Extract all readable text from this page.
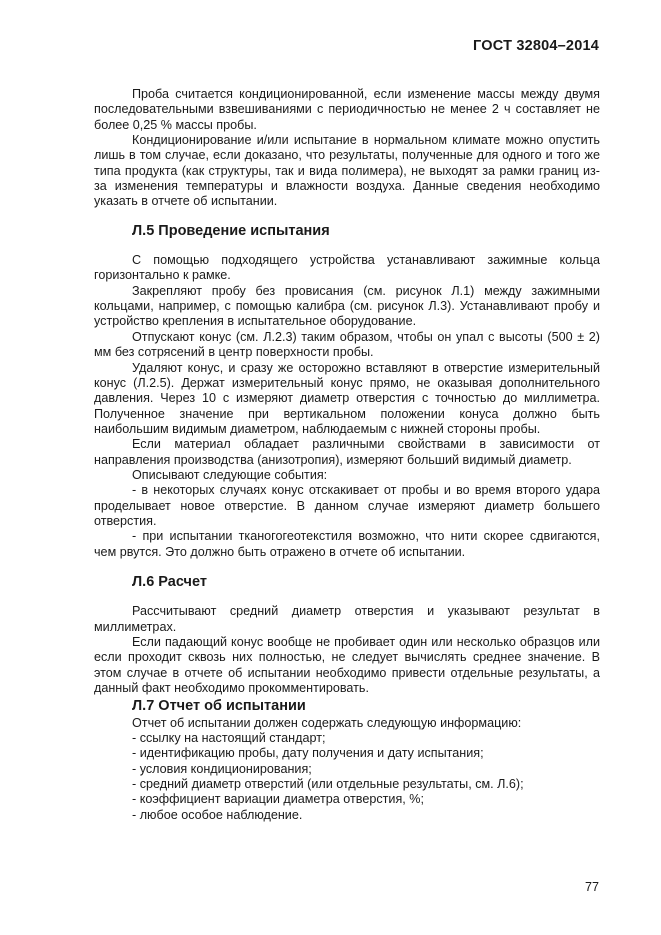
ГОСТ 32804–2014

Проба считается кондиционированной, если изменение массы между двумя последовательными взвешиваниями с периодичностью не менее 2 ч составляет не более 0,25 % массы пробы.

Кондиционирование и/или испытание в нормальном климате можно опустить лишь в том случае, если доказано, что результаты, полученные для одного и того же типа продукта (как структуры, так и вида полимера), не выходят за рамки границ из-за изменения температуры и влажности воздуха. Данные сведения необходимо указать в отчете об испытании.

Л.5 Проведение испытания

С помощью подходящего устройства устанавливают зажимные кольца горизонтально к рамке.

Закрепляют пробу без провисания (см. рисунок Л.1) между зажимными кольцами, например, с помощью калибра (см. рисунок Л.3). Устанавливают пробу и устройство крепления в испытательное оборудование.

Отпускают конус (см. Л.2.3) таким образом, чтобы он упал с высоты (500 ± 2) мм без сотрясений в центр поверхности пробы.

Удаляют конус, и сразу же осторожно вставляют в отверстие измерительный конус (Л.2.5). Держат измерительный конус прямо, не оказывая дополнительного давления. Через 10 с измеряют диаметр отверстия с точностью до миллиметра. Полученное значение при вертикальном положении конуса должно быть наибольшим видимым диаметром, наблюдаемым с нижней стороны пробы.

Если материал обладает различными свойствами в зависимости от направления производства (анизотропия), измеряют больший видимый диаметр.

Описывают следующие события:

- в некоторых случаях конус отскакивает от пробы и во время второго удара проделывает новое отверстие. В данном случае измеряют диаметр большего отверстия.

- при испытании тканогогеотекстиля возможно, что нити скорее сдвигаются, чем рвутся. Это должно быть отражено в отчете об испытании.

Л.6 Расчет

Рассчитывают средний диаметр отверстия и указывают результат в миллиметрах.

Если падающий конус вообще не пробивает один или несколько образцов или если проходит сквозь них полностью, не следует вычислять среднее значение. В этом случае в отчете об испытании необходимо привести отдельные результаты, а данный факт необходимо прокомментировать.

Л.7 Отчет об испытании

Отчет об испытании должен содержать следующую информацию:

- ссылку на настоящий стандарт;

- идентификацию пробы, дату получения и дату испытания;

- условия кондиционирования;

- средний диаметр отверстий (или отдельные результаты, см. Л.6);

- коэффициент вариации диаметра отверстия, %;

- любое особое наблюдение.

77
